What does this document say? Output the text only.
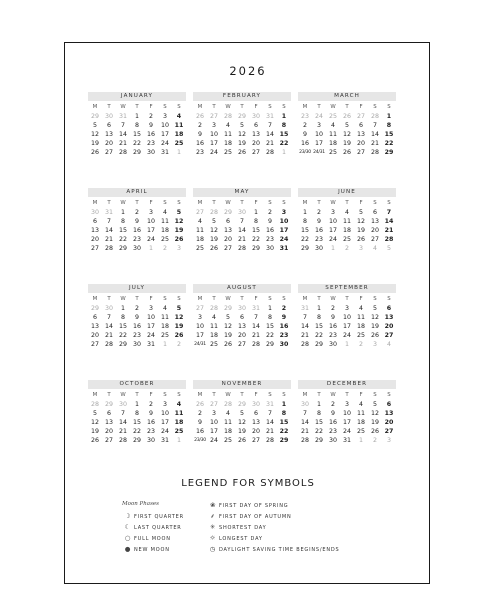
2026
JANUARY
M	T	W	T	F	S	S
29 30 31	1	2	3	4
5	6	7	8	9	10 11
12 13 14 15 16 17 18
19 20 21 22 23 24 25
26 27 28 29 30 31	1
FEBRUARY
M	T	W	T	F	S	S
26 27 28 29 30 31	1
2	3	4	5	6	7	8
9	10 11 12 13 14 15
16 17 18 19 20 21 22
23 24 25 26 27 28	1
MARCH
M	T	W	T	F	S	S
23 24 25 26 27 28	1
2	3	4	5	6	7	8
9	10 11 12 13 14 15
16 17 18 19 20 21 22
23/30 24/31 25 26 27 28 29
APRIL
M	T	W	T	F	S	S
30 31	1	2	3	4	5
6	7	8	9	10 11 12
13 14 15 16 17 18 19
20 21 22 23 24 25 26
27 28 29 30	1	2	3
MAY
M	T	W	T	F	S	S
27 28 29 30	1	2	3
4	5	6	7	8	9	10
11 12 13 14 15 16 17
18 19 20 21 22 23 24
25 26 27 28 29 30 31
JUNE
M	T	W	T	F	S	S
1	2	3	4	5	6	7
8	9	10 11 12 13 14
15 16 17 18 19 20 21
22 23 24 25 26 27 28
29 30	1	2	3	4	5
JULY
M	T	W	T	F	S	S
29 30	1	2	3	4	5
6	7	8	9	10 11 12
13 14 15 16 17 18 19
20 21 22 23 24 25 26
27 28 29 30 31	1	2
AUGUST
M	T	W	T	F	S	S
27 28 29 30 31	1	2
3	4	5	6	7	8	9
10 11 12 13 14 15 16
17 18 19 20 21 22 23
24/31 25 26 27 28 29 30
SEPTEMBER
M	T	W	T	F	S	S
31	1	2	3	4	5	6
7	8	9	10 11 12 13
14 15 16 17 18 19 20
21 22 23 24 25 26 27
28 29 30	1	2	3	4
OCTOBER
M	T	W	T	F	S	S
28 29 30	1	2	3	4
5	6	7	8	9	10 11
12 13 14 15 16 17 18
19 20 21 22 23 24 25
26 27 28 29 30 31	1
NOVEMBER
M	T	W	T	F	S	S
26 27 28 29 30 31	1
2	3	4	5	6	7	8
9	10 11 12 13 14 15
16 17 18 19 20 21 22
23/30 24 25 26 27 28 29
DECEMBER
M	T	W	T	F	S	S
30	1	2	3	4	5	6
7	8	9	10 11 12 13
14 15 16 17 18 19 20
21 22 23 24 25 26 27
28 29 30 31	1	2	3
LEGEND FOR SYMBOLS
Moon Phases
☽ FIRST QUARTER
☾ LAST QUARTER
○ FULL MOON
● NEW MOON
❀ FIRST DAY OF SPRING
⸙ FIRST DAY OF AUTUMN
✳ SHORTEST DAY
☼ LONGEST DAY
◷ DAYLIGHT SAVING TIME BEGINS/ENDS
